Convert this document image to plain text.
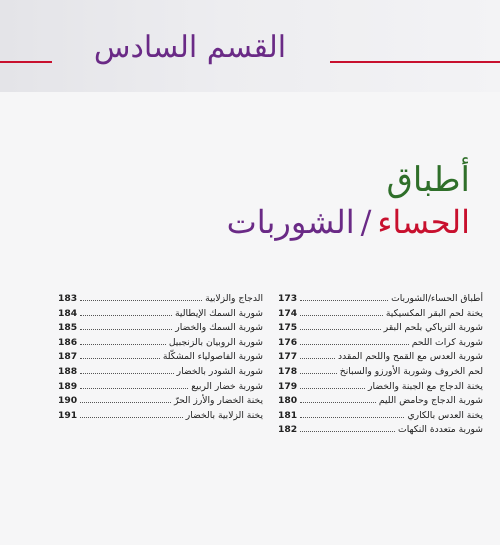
القسم السادس
أطباق
الحساء/الشوربات
أطباق الحساء/الشوربات
173
يخنة لحم البقر المكسيكية
174
شوربة الترياكي بلحم البقر
175
شوربة كرات اللحم
176
شوربة العدس مع القمح واللحم المقدد
177
لحم الخروف وشوربة الأورزو والسبانخ
178
يخنة الدجاج مع الجبنة والخضار
179
شوربة الدجاج وحامض الليم
180
يخنة العدس بالكاري
181
شوربة متعددة النكهات
182
الدجاج والزلابية
183
شوربة السمك الإيطالية
184
شوربة السمك والخضار
185
شوربة الروبيان بالزنجبيل
186
شوربة الفاصولياء المشكّلة
187
شوربة الشودر بالخضار
188
شوربة خضار الربيع
189
يخنة الخضار والأرز الحرّ
190
يخنة الزلابية بالخضار
191
